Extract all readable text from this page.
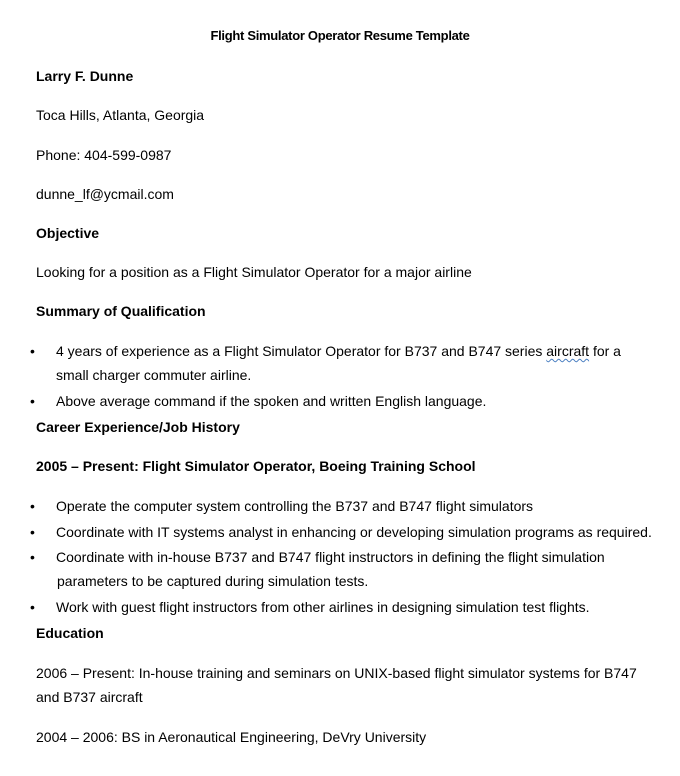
Flight Simulator Operator Resume Template
Larry F. Dunne
Toca Hills, Atlanta, Georgia
Phone: 404-599-0987
dunne_lf@ycmail.com
Objective
Looking for a position as a Flight Simulator Operator for a major airline
Summary of Qualification
• 4 years of experience as a Flight Simulator Operator for B737 and B747 series aircraft for a
small charger commuter airline.
• Above average command if the spoken and written English language.
Career Experience/Job History
2005 – Present: Flight Simulator Operator, Boeing Training School
• Operate the computer system controlling the B737 and B747 flight simulators
• Coordinate with IT systems analyst in enhancing or developing simulation programs as required.
• Coordinate with in-house B737 and B747 flight instructors in defining the flight simulation
parameters to be captured during simulation tests.
• Work with guest flight instructors from other airlines in designing simulation test flights.
Education
2006 – Present: In-house training and seminars on UNIX-based flight simulator systems for B747
and B737 aircraft
2004 – 2006: BS in Aeronautical Engineering, DeVry University
